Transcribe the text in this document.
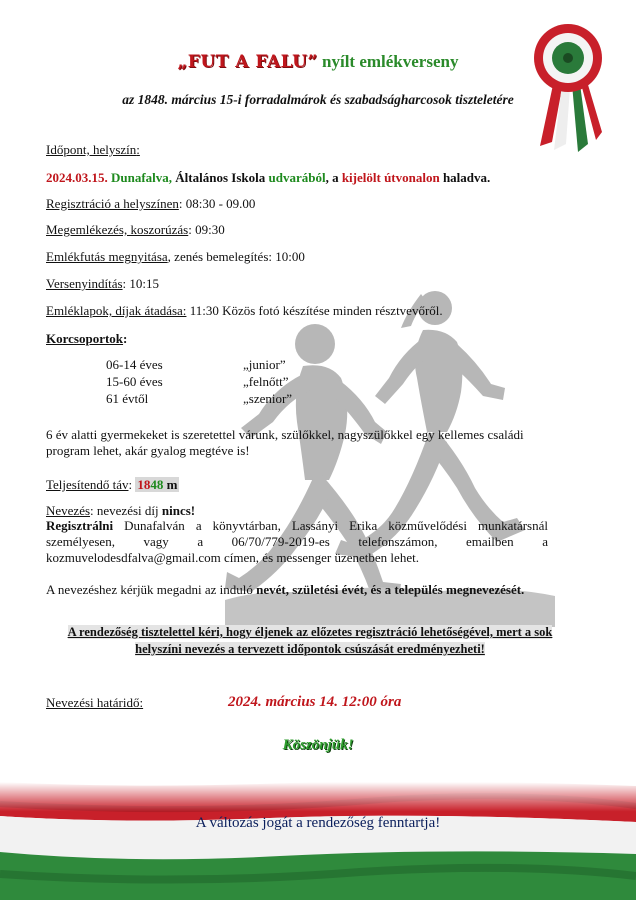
„FUT A FALU” nyílt emlékverseny
az 1848. március 15-i forradalmárok és szabadságharcosok tiszteletére
Időpont, helyszín:
2024.03.15. Dunafalva, Általános Iskola udvarából, a kijelölt útvonalon haladva.
Regisztráció a helyszínen: 08:30 - 09.00
Megemlékezés, koszorúzás: 09:30
Emlékfutás megnyitása, zenés bemelegítés: 10:00
Versenyindítás: 10:15
Emléklapok, díjak átadása: 11:30 Közös fotó készítése minden résztvevőről.
Korcsoportok:
06-14 éves	„junior”
15-60 éves	„felnőtt”
61 évtől	„szenior”
6 év alatti gyermekeket is szeretettel várunk, szülőkkel, nagyszülőkkel egy kellemes családi program lehet, akár gyalog megtéve is!
Teljesítendő táv: 1848 m
Nevezés: nevezési díj nincs!
Regisztrálni Dunafalván a könyvtárban, Lassányi Erika közművelődési munkatársnál személyesen, vagy a 06/70/779-2019-es telefonszámon, emailben a kozmuvelodesdfalva@gmail.com címen, és messenger üzenetben lehet.
A nevezéshez kérjük megadni az induló nevét, születési évét, és a település megnevezését.
A rendezőség tisztelettel kéri, hogy éljenek az előzetes regisztráció lehetőségével, mert a sok helyszíni nevezés a tervezett időpontok csúszását eredményezheti!
Nevezési határidő:	2024. március 14. 12:00 óra
Köszönjük!
A változás jogát a rendezőség fenntartja!
